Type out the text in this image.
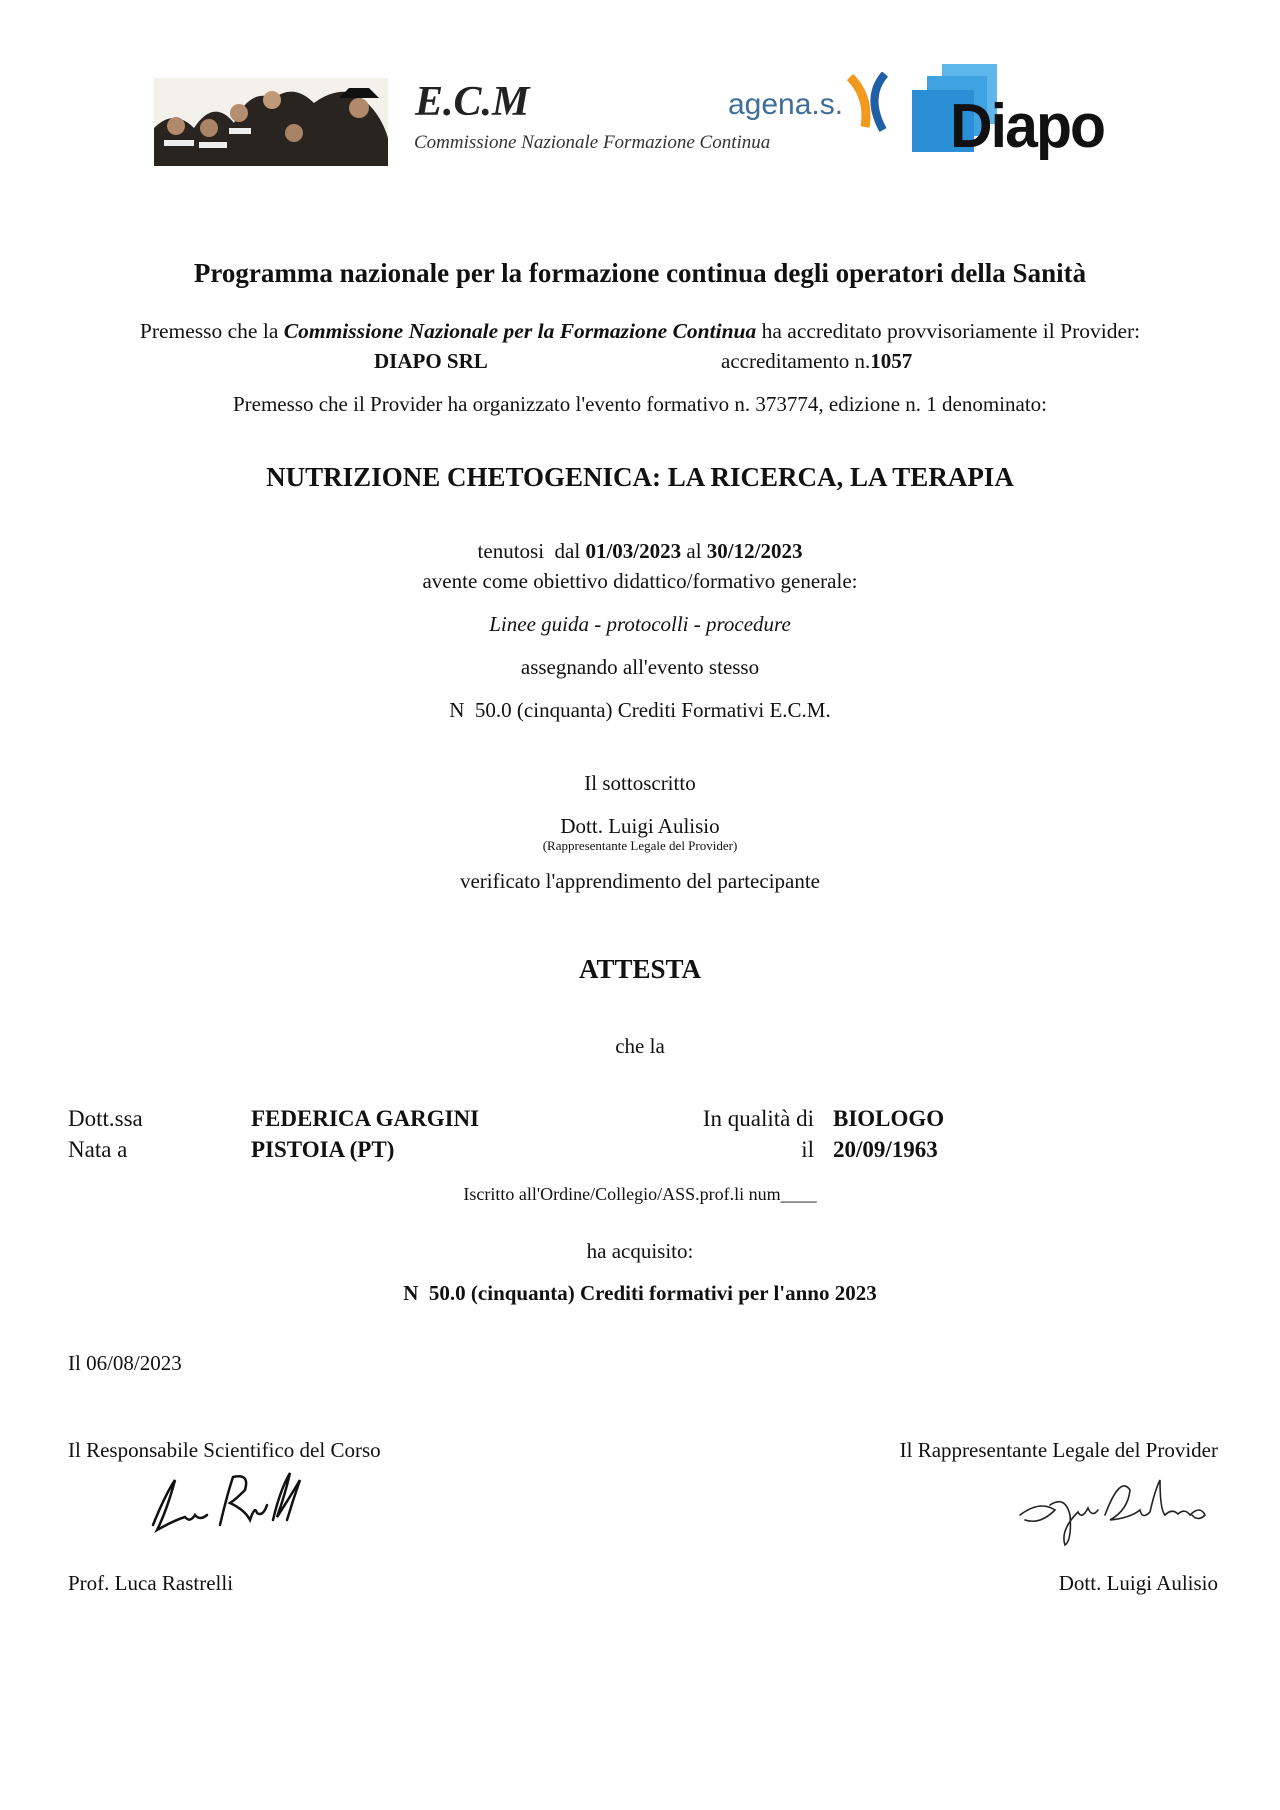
E.C.M
Commissione Nazionale Formazione Continua
agena.s. Diapo
Programma nazionale per la formazione continua degli operatori della Sanità
Premesso che la Commissione Nazionale per la Formazione Continua ha accreditato provvisoriamente il Provider:
DIAPO SRL	accreditamento n.1057
Premesso che il Provider ha organizzato l'evento formativo n. 373774, edizione n. 1 denominato:
NUTRIZIONE CHETOGENICA: LA RICERCA, LA TERAPIA
tenutosi  dal 01/03/2023 al 30/12/2023
avente come obiettivo didattico/formativo generale:
Linee guida - protocolli - procedure
assegnando all'evento stesso
N  50.0 (cinquanta) Crediti Formativi E.C.M.
Il sottoscritto
Dott. Luigi Aulisio
(Rappresentante Legale del Provider)
verificato l'apprendimento del partecipante
ATTESTA
che la
Dott.ssa	FEDERICA GARGINI	In qualità di BIOLOGO
Nata a	PISTOIA (PT)	il 20/09/1963
Iscritto all'Ordine/Collegio/ASS.prof.li num____
ha acquisito:
N  50.0 (cinquanta) Crediti formativi per l'anno 2023
Il 06/08/2023
Il Responsabile Scientifico del Corso
Prof. Luca Rastrelli
Il Rappresentante Legale del Provider
Dott. Luigi Aulisio
